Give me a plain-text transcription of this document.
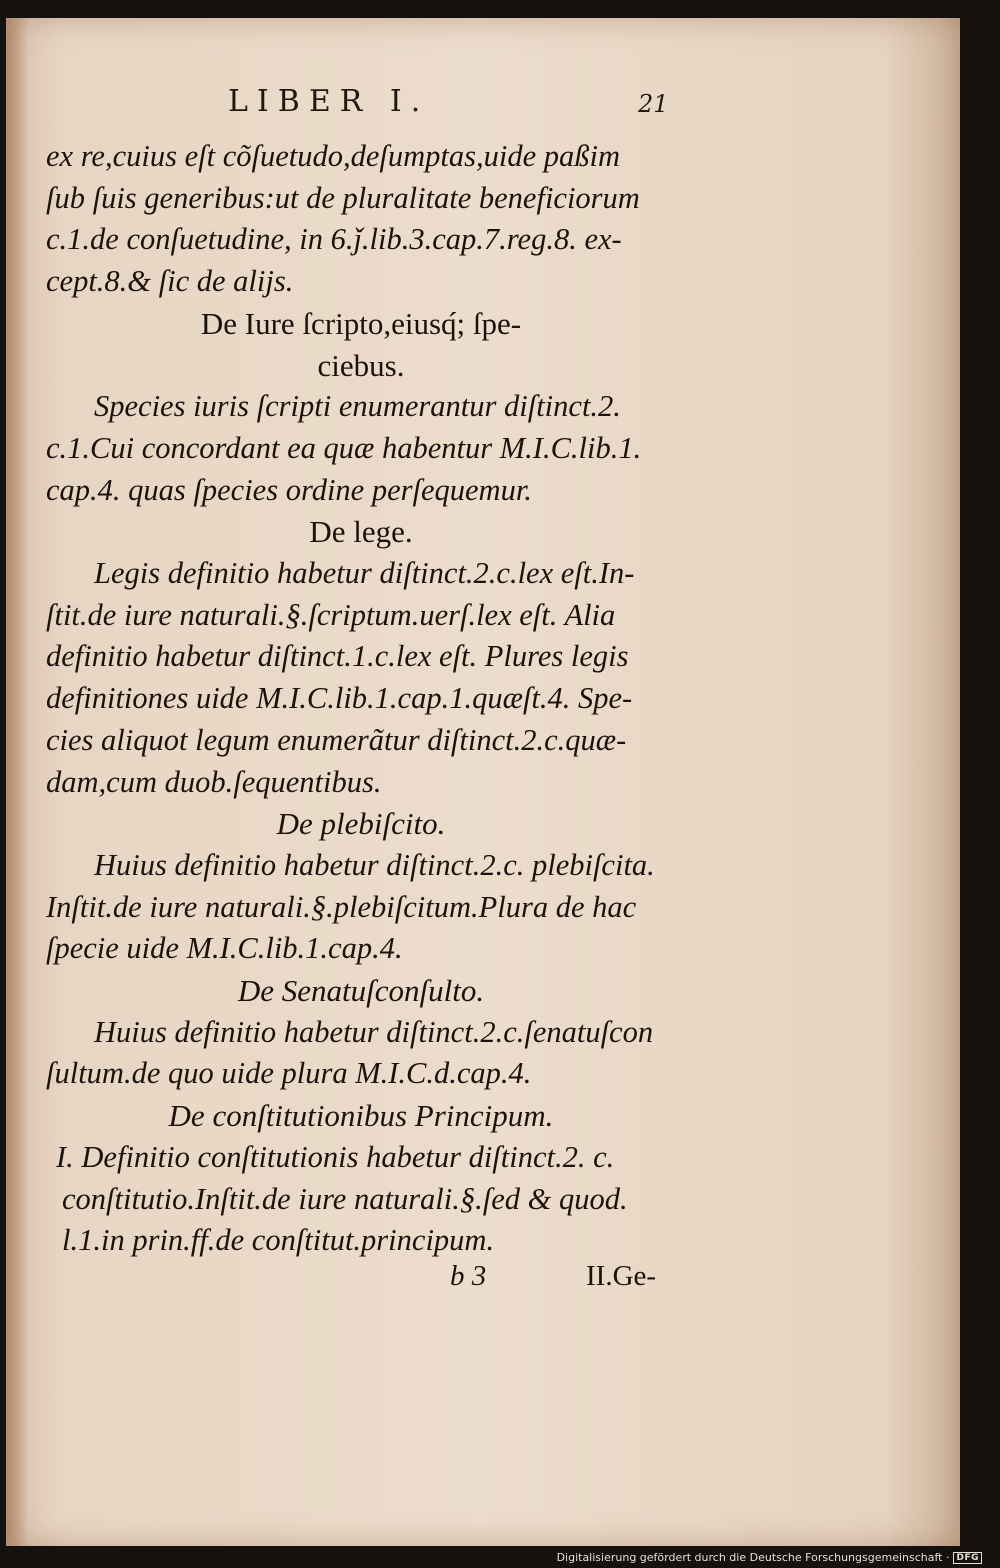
LIBER I.	21
ex re,cuius eſt cõſuetudo,deſumptas,uide paßim
ſub ſuis generibus:ut de pluralitate beneficiorum
c.1.de conſuetudine, in 6.ǰ.lib.3.cap.7.reg.8. ex-
cept.8.& ſic de alijs.
De Iure ſcripto,eiusq́; ſpe-
ciebus.
Species iuris ſcripti enumerantur diſtinct.2.
c.1.Cui concordant ea quæ habentur M.I.C.lib.1.
cap.4. quas ſpecies ordine perſequemur.
De lege.
Legis definitio habetur diſtinct.2.c.lex eſt.In-
ſtit.de iure naturali.§.ſcriptum.uerſ.lex eſt. Alia
definitio habetur diſtinct.1.c.lex eſt. Plures legis
definitiones uide M.I.C.lib.1.cap.1.quæſt.4. Spe-
cies aliquot legum enumerãtur diſtinct.2.c.quæ-
dam,cum duob.ſequentibus.
De plebiſcito.
Huius definitio habetur diſtinct.2.c. plebiſcita.
Inſtit.de iure naturali.§.plebiſcitum.Plura de hac
ſpecie uide M.I.C.lib.1.cap.4.
De Senatuſconſulto.
Huius definitio habetur diſtinct.2.c.ſenatuſcon
ſultum.de quo uide plura M.I.C.d.cap.4.
De conſtitutionibus Principum.
I. Definitio conſtitutionis habetur diſtinct.2. c.
conſtitutio.Inſtit.de iure naturali.§.ſed & quod.
l.1.in prin.ff.de conſtitut.principum.
b 3	II.Ge-
Digitalisierung gefördert durch die Deutsche Forschungsgemeinschaft · DFG
